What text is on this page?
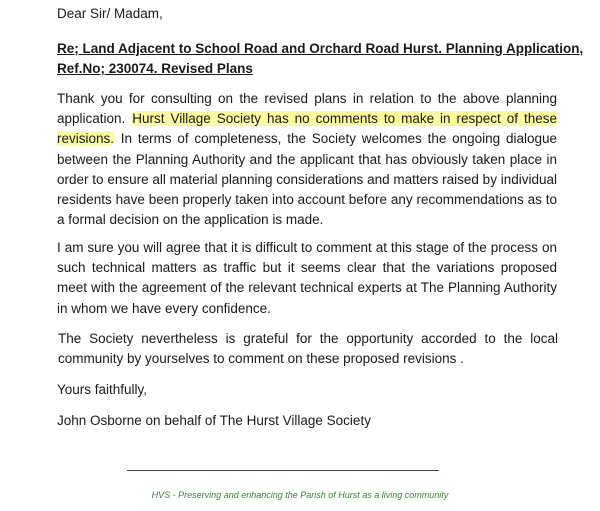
Dear Sir/ Madam,
Re; Land Adjacent to School Road and Orchard Road Hurst. Planning Application,
Ref.No; 230074. Revised Plans
Thank you for consulting on the revised plans in relation to the above planning application. Hurst Village Society has no comments to make in respect of these revisions. In terms of completeness, the Society welcomes the ongoing dialogue between the Planning Authority and the applicant that has obviously taken place in order to ensure all material planning considerations and matters raised by individual residents have been properly taken into account before any recommendations as to a formal decision on the application is made.
I am sure you will agree that it is difficult to comment at this stage of the process on such technical matters as traffic but it seems clear that the variations proposed meet with the agreement of the relevant technical experts at The Planning Authority in whom we have every confidence.
The Society nevertheless is grateful for the opportunity accorded to the local community by yourselves to comment on these proposed revisions .
Yours faithfully,
John Osborne on behalf of The Hurst Village Society
HVS - Preserving and enhancing the Parish of Hurst as a living community
